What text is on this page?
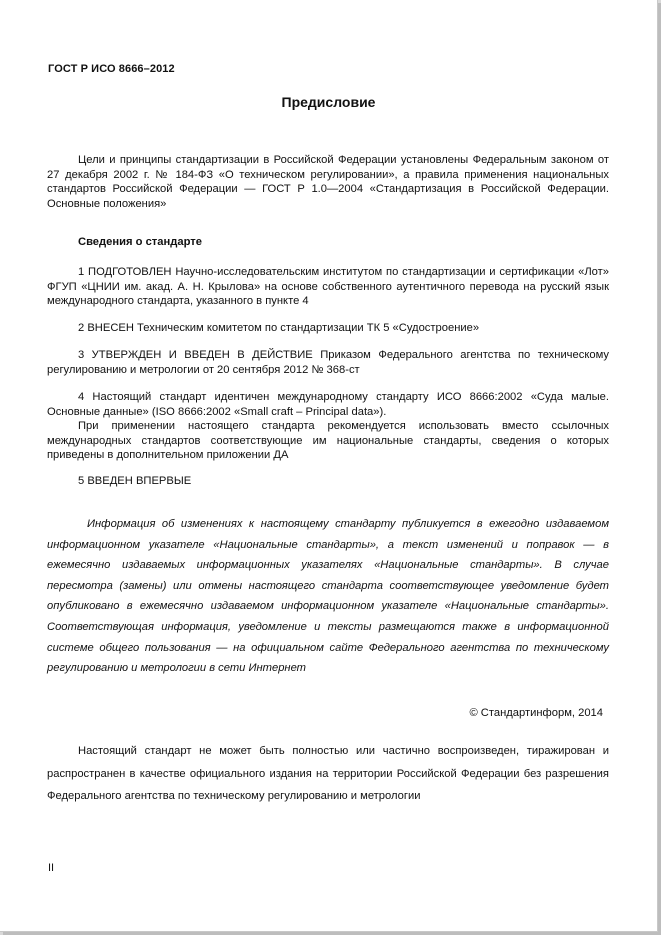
ГОСТ Р ИСО 8666–2012
Предисловие

Цели и принципы стандартизации в Российской Федерации установлены Федеральным законом от 27 декабря 2002 г. № 184-ФЗ «О техническом регулировании», а правила применения национальных стандартов Российской Федерации — ГОСТ Р 1.0—2004 «Стандартизация в Российской Федерации. Основные положения»

Сведения о стандарте

1 ПОДГОТОВЛЕН Научно-исследовательским институтом по стандартизации и сертификации «Лот» ФГУП «ЦНИИ им. акад. А. Н. Крылова» на основе собственного аутентичного перевода на русский язык международного стандарта, указанного в пункте 4

2 ВНЕСЕН Техническим комитетом по стандартизации ТК 5 «Судостроение»

3 УТВЕРЖДЕН И ВВЕДЕН В ДЕЙСТВИЕ Приказом Федерального агентства по техническому регулированию и метрологии от 20 сентября 2012 № 368-ст

4 Настоящий стандарт идентичен международному стандарту ИСО 8666:2002 «Суда малые. Основные данные» (ISO 8666:2002 «Small craft – Principal data»).

При применении настоящего стандарта рекомендуется использовать вместо ссылочных международных стандартов соответствующие им национальные стандарты, сведения о которых приведены в дополнительном приложении ДА

5 ВВЕДЕН ВПЕРВЫЕ

Информация об изменениях к настоящему стандарту публикуется в ежегодно издаваемом информационном указателе «Национальные стандарты», а текст изменений и поправок — в ежемесячно издаваемых информационных указателях «Национальные стандарты». В случае пересмотра (замены) или отмены настоящего стандарта соответствующее уведомление будет опубликовано в ежемесячно издаваемом информационном указателе «Национальные стандарты». Соответствующая информация, уведомление и тексты размещаются также в информационной системе общего пользования — на официальном сайте Федерального агентства по техническому регулированию и метрологии в сети Интернет

© Стандартинформ, 2014

Настоящий стандарт не может быть полностью или частично воспроизведен, тиражирован и распространен в качестве официального издания на территории Российской Федерации без разрешения Федерального агентства по техническому регулированию и метрологии

II
